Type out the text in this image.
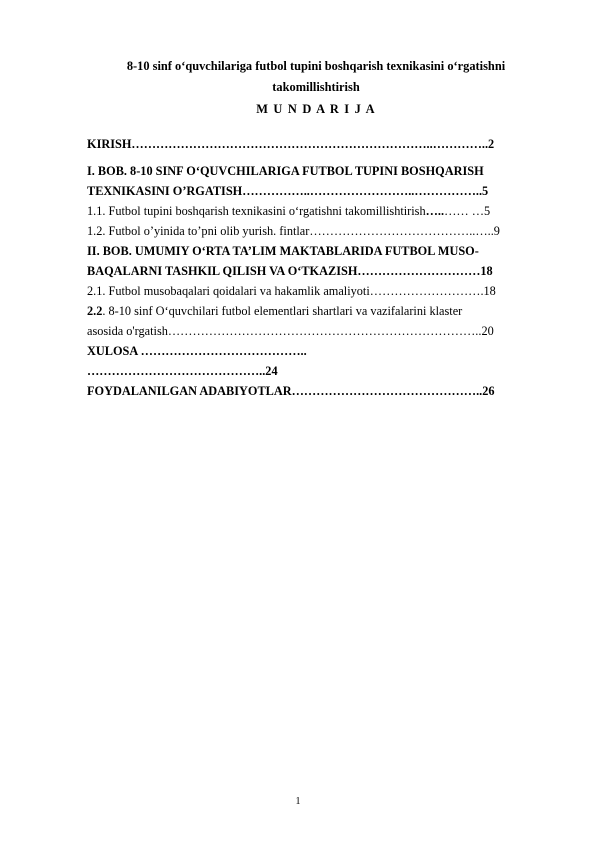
8-10 sinf o‘quvchilariga futbol tupini boshqarish texnikasini o‘rgatishni takomillishtirish
M U N D A R I J A
KIRISH………………………………………………………………..…………..2
I. BOB. 8-10 SINF O‘QUVCHILARIGA FUTBOL TUPINI BOSHQARISH
TEXNIKASINI O’RGATISH……………..……………………..……………..5
1.1. Futbol tupini boshqarish texnikasini o‘rgatishni takomillishtirish…..…… …5
1.2. Futbol o’yinida to’pni olib yurish. fintlar…………………………………..…..9
II. BOB. UMUMIY O‘RTA TA’LIM MAKTABLARIDA FUTBOL MUSO-
BAQALARNI TASHKIL QILISH VA O‘TKAZISH…………………………18
2.1. Futbol musobaqalari qoidalari va hakamlik amaliyoti……………………….18
2.2. 8-10 sinf O‘quvchilari futbol elementlari shartlari va vazifalarini klaster
asosida o'rgatish…………………………………………………………………..20
XULOSA …………………………………..
……………………………………..24
FOYDALANILGAN ADABIYOTLAR………………………………………..26
1
